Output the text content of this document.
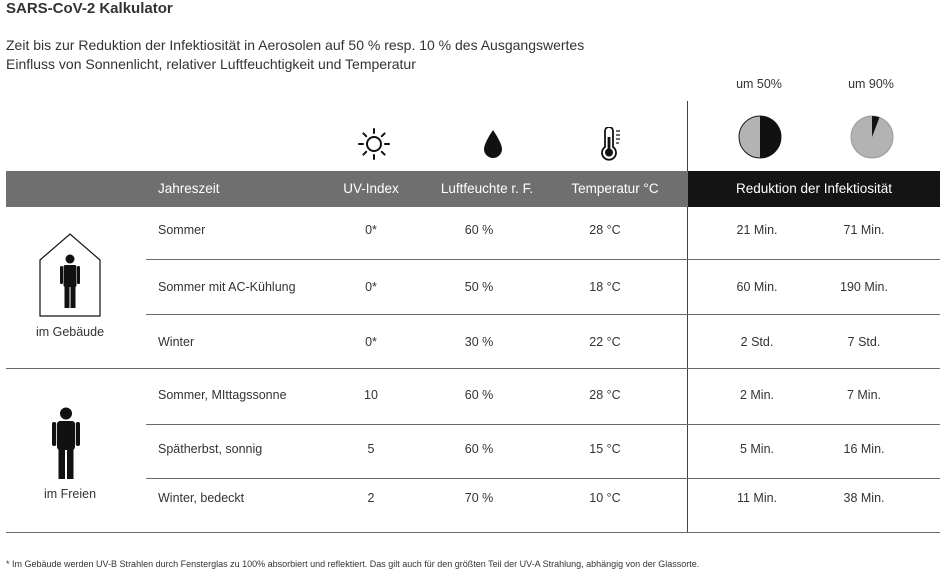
SARS-CoV-2 Kalkulator
Zeit bis zur Reduktion der Infektiosität in Aerosolen auf 50 % resp. 10 % des Ausgangswertes
Einfluss von Sonnenlicht, relativer Luftfeuchtigkeit und Temperatur
um 50%	um 90%
Jahreszeit	UV-Index	Luftfeuchte r. F.	Temperatur °C	Reduktion der Infektiosität
im Gebäude
im Freien
Sommer	0*	60 %	28 °C	21 Min.	71 Min.
Sommer mit AC-Kühlung	0*	50 %	18 °C	60 Min.	190 Min.
Winter	0*	30 %	22 °C	2 Std.	7 Std.
Sommer, MIttagssonne	10	60 %	28 °C	2 Min.	7 Min.
Spätherbst, sonnig	5	60 %	15 °C	5 Min.	16 Min.
Winter, bedeckt	2	70 %	10 °C	11 Min.	38 Min.
* Im Gebäude werden UV-B Strahlen durch Fensterglas zu 100% absorbiert und reflektiert. Das gilt auch für den größten Teil der UV-A Strahlung, abhängig von der Glassorte.
